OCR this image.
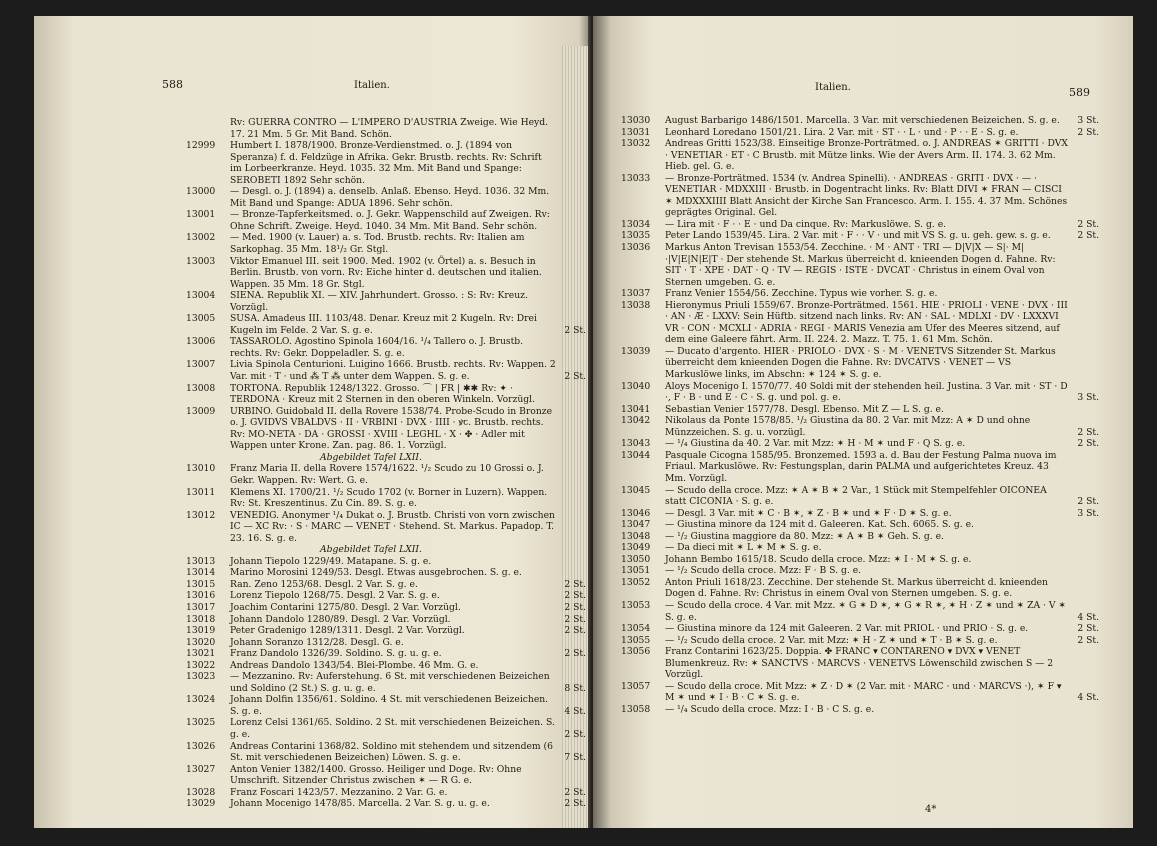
588	Italien.
Rv: GUERRA CONTRO — L'IMPERO D'AUSTRIA Zweige. Wie Heyd. 17. 21 Mm. 5 Gr. Mit Band. Schön.
12999 Humbert I. 1878/1900. Bronze-Verdienstmed. o. J. (1894 von Speranza) f. d. Feldzüge in Afrika. Gekr. Brustb. rechts. Rv: Schrift im Lorbeerkranze. Heyd. 1035. 32 Mm. Mit Band und Spange: SEROBETI 1892 Sehr schön.
13000 — Desgl. o. J. (1894) a. denselb. Anlaß. Ebenso. Heyd. 1036. 32 Mm. Mit Band und Spange: ADUA 1896. Sehr schön.
13001 — Bronze-Tapferkeitsmed. o. J. Gekr. Wappenschild auf Zweigen. Rv: Ohne Schrift. Zweige. Heyd. 1040. 34 Mm. Mit Band. Sehr schön.
13002 — Med. 1900 (v. Lauer) a. s. Tod. Brustb. rechts. Rv: Italien am Sarkophag. 35 Mm. 18¹/₂ Gr. Stgl.
13003 Viktor Emanuel III. seit 1900. Med. 1902 (v. Örtel) a. s. Besuch in Berlin. Brustb. von vorn. Rv: Eiche hinter d. deutschen und italien. Wappen. 35 Mm. 18 Gr. Stgl.
13004 SIENA. Republik XI. — XIV. Jahrhundert. Grosso. : S: Rv: Kreuz. Vorzügl.
13005 SUSA. Amadeus III. 1103/48. Denar. Kreuz mit 2 Kugeln. Rv: Drei Kugeln im Felde. 2 Var. S. g. e.	2 St.
13006 TASSAROLO. Agostino Spinola 1604/16. ¹/₄ Tallero o. J. Brustb. rechts. Rv: Gekr. Doppeladler. S. g. e.
13007 Livia Spinola Centurioni. Luigino 1666. Brustb. rechts. Rv: Wappen. 2 Var. mit · T · und ⁂ T ⁂ unter dem Wappen. S. g. e.	2 St.
13008 TORTONA. Republik 1248/1322. Grosso. ⌒ | FR | ✱✱ Rv: ✦ · TERDONA · Kreuz mit 2 Sternen in den oberen Winkeln. Vorzügl.
13009 URBINO. Guidobald II. della Rovere 1538/74. Probe-Scudo in Bronze o. J. GVIDVS VBALDVS · II · VRBINI · DVX · IIII · ꝟꞇ. Brustb. rechts. Rv: MO-NETA · DA · GROSSI · XVIII · LEGHL · X · ✤ · Adler mit Wappen unter Krone. Zan. pag. 86. 1. Vorzügl.
Abgebildet Tafel LXII.
13010 Franz Maria II. della Rovere 1574/1622. ¹/₂ Scudo zu 10 Grossi o. J. Gekr. Wappen. Rv: Wert. G. e.
13011 Klemens XI. 1700/21. ¹/₂ Scudo 1702 (v. Borner in Luzern). Wappen. Rv: St. Kreszentinus. Zu Cin. 89. S. g. e.
13012 VENEDIG. Anonymer ¹/₄ Dukat o. J. Brustb. Christi von vorn zwischen IC — XC Rv: · S · MARC — VENET · Stehend. St. Markus. Papadop. T. 23. 16. S. g. e.
Abgebildet Tafel LXII.
13013 Johann Tiepolo 1229/49. Matapane. S. g. e.
13014 Marino Morosini 1249/53. Desgl. Etwas ausgebrochen. S. g. e.
13015 Ran. Zeno 1253/68. Desgl. 2 Var. S. g. e.	2 St.
13016 Lorenz Tiepolo 1268/75. Desgl. 2 Var. S. g. e.	2 St.
13017 Joachim Contarini 1275/80. Desgl. 2 Var. Vorzügl.	2 St.
13018 Johann Dandolo 1280/89. Desgl. 2 Var. Vorzügl.	2 St.
13019 Peter Gradenigo 1289/1311. Desgl. 2 Var. Vorzügl.	2 St.
13020 Johann Soranzo 1312/28. Desgl. G. e.
13021 Franz Dandolo 1326/39. Soldino. S. g. u. g. e.	2 St.
13022 Andreas Dandolo 1343/54. Blei-Plombe. 46 Mm. G. e.
13023 — Mezzanino. Rv: Auferstehung. 6 St. mit verschiedenen Beizeichen und Soldino (2 St.) S. g. u. g. e.	8 St.
13024 Johann Dolfin 1356/61. Soldino. 4 St. mit verschiedenen Beizeichen. S. g. e.	4 St.
13025 Lorenz Celsi 1361/65. Soldino. 2 St. mit verschiedenen Beizeichen. S. g. e.	2 St.
13026 Andreas Contarini 1368/82. Soldino mit stehendem und sitzendem (6 St. mit verschiedenen Beizeichen) Löwen. S. g. e.	7 St.
13027 Anton Venier 1382/1400. Grosso. Heiliger und Doge. Rv: Ohne Umschrift. Sitzender Christus zwischen ✶ — R G. e.
13028 Franz Foscari 1423/57. Mezzanino. 2 Var. G. e.	2 St.
13029 Johann Mocenigo 1478/85. Marcella. 2 Var. S. g. u. g. e.	2 St.
Italien.	589
13030 August Barbarigo 1486/1501. Marcella. 3 Var. mit verschiedenen Beizeichen. S. g. e.	3 St.
13031 Leonhard Loredano 1501/21. Lira. 2 Var. mit · ST · · L · und · P · · E · S. g. e.	2 St.
13032 Andreas Gritti 1523/38. Einseitige Bronze-Porträtmed. o. J. ANDREAS ✶ GRITTI · DVX · VENETIAR · ET · C Brustb. mit Mütze links. Wie der Avers Arm. II. 174. 3. 62 Mm. Hieb. gel. G. e.
13033 — Bronze-Porträtmed. 1534 (v. Andrea Spinelli). · ANDREAS · GRITI · DVX · — · VENETIAR · MDXXIII · Brustb. in Dogentracht links. Rv: Blatt DIVI ✶ FRAN — CISCI ✶ MDXXXIIII Blatt Ansicht der Kirche San Francesco. Arm. I. 155. 4. 37 Mm. Schönes geprägtes Original. Gel.
13034 — Lira mit · F · · E · und Da cinque. Rv: Markuslöwe. S. g. e.	2 St.
13035 Peter Lando 1539/45. Lira. 2 Var. mit · F · · V · und mit VS S. g. u. geh. gew. s. g. e.	2 St.
13036 Markus Anton Trevisan 1553/54. Zecchine. · M · ANT · TRI — D|V|X — S|· M|·|V|E|N|E|T · Der stehende St. Markus überreicht d. knieenden Dogen d. Fahne. Rv: SIT · T · XPE · DAT · Q · TV — REGIS · ISTE · DVCAT · Christus in einem Oval von Sternen umgeben. G. e.
13037 Franz Venier 1554/56. Zecchine. Typus wie vorher. S. g. e.
13038 Hieronymus Priuli 1559/67. Bronze-Porträtmed. 1561. HIE · PRIOLI · VENE · DVX · III · AN · Æ · LXXV: Sein Hüftb. sitzend nach links. Rv: AN · SAL · MDLXI · DV · LXXXVI VR · CON · MCXLI · ADRIA · REGI · MARIS Venezia am Ufer des Meeres sitzend, auf dem eine Galeere fährt. Arm. II. 224. 2. Mazz. T. 75. 1. 61 Mm. Schön.
13039 — Ducato d'argento. HIER · PRIOLO · DVX · S · M · VENETVS Sitzender St. Markus überreicht dem knieenden Dogen die Fahne. Rv: DVCATVS · VENET — VS Markuslöwe links, im Abschn: ✶ 124 ✶ S. g. e.
13040 Aloys Mocenigo I. 1570/77. 40 Soldi mit der stehenden heil. Justina. 3 Var. mit · ST · D ·, F · B · und E · C · S. g. und pol. g. e.	3 St.
13041 Sebastian Venier 1577/78. Desgl. Ebenso. Mit Z — L S. g. e.
13042 Nikolaus da Ponte 1578/85. ¹/₂ Giustina da 80. 2 Var. mit Mzz: A ✶ D und ohne Münzzeichen. S. g. u. vorzügl.	2 St.
13043 — ¹/₄ Giustina da 40. 2 Var. mit Mzz: ✶ H · M ✶ und F · Q S. g. e.	2 St.
13044 Pasquale Cicogna 1585/95. Bronzemed. 1593 a. d. Bau der Festung Palma nuova im Friaul. Markuslöwe. Rv: Festungsplan, darin PALMA und aufgerichtetes Kreuz. 43 Mm. Vorzügl.
13045 — Scudo della croce. Mzz: ✶ A ✶ B ✶ 2 Var., 1 Stück mit Stempelfehler OICONEA statt CICONIA · S. g. e.	2 St.
13046 — Desgl. 3 Var. mit ✶ C · B ✶, ✶ Z · B ✶ und ✶ F · D ✶ S. g. e.	3 St.
13047 — Giustina minore da 124 mit d. Galeeren. Kat. Sch. 6065. S. g. e.
13048 — ¹/₂ Giustina maggiore da 80. Mzz: ✶ A ✶ B ✶ Geh. S. g. e.
13049 — Da dieci mit ✶ L ✶ M ✶ S. g. e.
13050 Johann Bembo 1615/18. Scudo della croce. Mzz: ✶ I · M ✶ S. g. e.
13051 — ¹/₂ Scudo della croce. Mzz: F · B S. g. e.
13052 Anton Priuli 1618/23. Zecchine. Der stehende St. Markus überreicht d. knieenden Dogen d. Fahne. Rv: Christus in einem Oval von Sternen umgeben. S. g. e.
13053 — Scudo della croce. 4 Var. mit Mzz. ✶ G ✶ D ✶, ✶ G ✶ R ✶, ✶ H · Z ✶ und ✶ ZA · V ✶ S. g. e.	4 St.
13054 — Giustina minore da 124 mit Galeeren. 2 Var. mit PRIOL · und PRIO · S. g. e.	2 St.
13055 — ¹/₂ Scudo della croce. 2 Var. mit Mzz: ✶ H · Z ✶ und ✶ T · B ✶ S. g. e.	2 St.
13056 Franz Contarini 1623/25. Doppia. ✤ FRANC ▾ CONTARENO ▾ DVX ▾ VENET Blumenkreuz. Rv: ✶ SANCTVS · MARCVS · VENETVS Löwenschild zwischen S — 2 Vorzügl.
13057 — Scudo della croce. Mit Mzz: ✶ Z · D ✶ (2 Var. mit · MARC · und · MARCVS ·), ✶ F ▾ M ✶ und ✶ I · B · C ✶ S. g. e.	4 St.
13058 — ¹/₄ Scudo della croce. Mzz: I · B · C S. g. e.
4*
